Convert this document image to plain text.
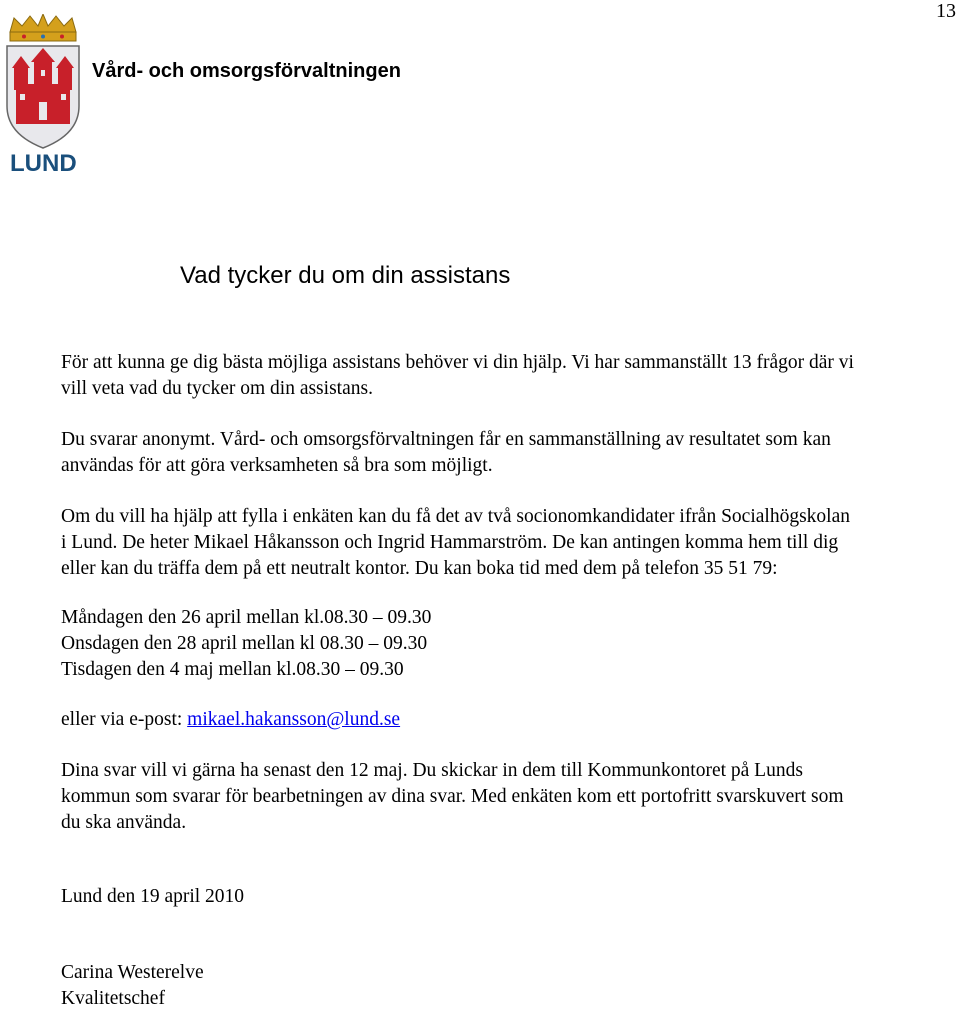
13
LUND
Vård- och omsorgsförvaltningen
Vad tycker du om din assistans

För att kunna ge dig bästa möjliga assistans behöver vi din hjälp. Vi har sammanställt 13 frågor där vi
vill veta vad du tycker om din assistans.

Du svarar anonymt. Vård- och omsorgsförvaltningen får en sammanställning av resultatet som kan
användas för att göra verksamheten så bra som möjligt.

Om du vill ha hjälp att fylla i enkäten kan du få det av två socionomkandidater ifrån Socialhögskolan
i Lund. De heter Mikael Håkansson och Ingrid Hammarström. De kan antingen komma hem till dig
eller kan du träffa dem på ett neutralt kontor. Du kan boka tid med dem på telefon 35 51 79:

Måndagen den 26 april mellan kl.08.30 – 09.30
Onsdagen den 28 april mellan kl 08.30 – 09.30
Tisdagen den 4 maj mellan kl.08.30 – 09.30

eller via e-post: mikael.hakansson@lund.se

Dina svar vill vi gärna ha senast den 12 maj. Du skickar in dem till Kommunkontoret på Lunds
kommun som svarar för bearbetningen av dina svar. Med enkäten kom ett portofritt svarskuvert som
du ska använda.

Lund den 19 april 2010

Carina Westerelve
Kvalitetschef
